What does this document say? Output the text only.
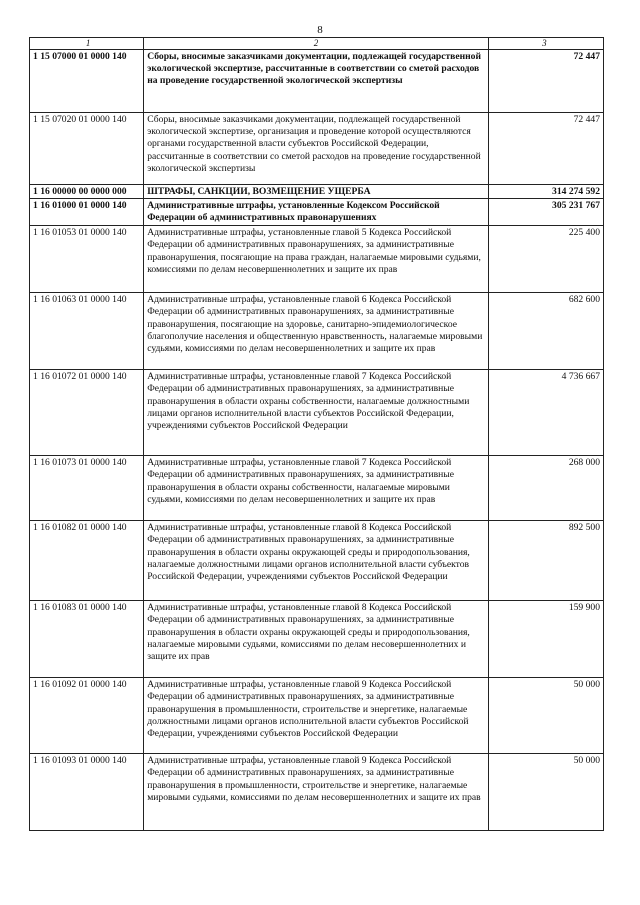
8
1	2	3
1 15 07000 01 0000 140	Сборы, вносимые заказчиками документации, подлежащей государственной экологической экспертизе, рассчитанные в соответствии со сметой расходов на проведение государственной экологической экспертизы	72 447
1 15 07020 01 0000 140	Сборы, вносимые заказчиками документации, подлежащей государственной экологической экспертизе, организация и проведение которой осуществляются органами государственной власти субъектов Российской Федерации, рассчитанные в соответствии со сметой расходов на проведение государственной экологической экспертизы	72 447
1 16 00000 00 0000 000	ШТРАФЫ, САНКЦИИ, ВОЗМЕЩЕНИЕ УЩЕРБА	314 274 592
1 16 01000 01 0000 140	Административные штрафы, установленные Кодексом Российской Федерации об административных правонарушениях	305 231 767
1 16 01053 01 0000 140	Административные штрафы, установленные главой 5 Кодекса Российской Федерации об административных правонарушениях, за административные правонарушения, посягающие на права граждан, налагаемые мировыми судьями, комиссиями по делам несовершеннолетних и защите их прав	225 400
1 16 01063 01 0000 140	Административные штрафы, установленные главой 6 Кодекса Российской Федерации об административных правонарушениях, за административные правонарушения, посягающие на здоровье, санитарно-эпидемиологическое благополучие населения и общественную нравственность, налагаемые мировыми судьями, комиссиями по делам несовершеннолетних и защите их прав	682 600
1 16 01072 01 0000 140	Административные штрафы, установленные главой 7 Кодекса Российской Федерации об административных правонарушениях, за административные правонарушения в области охраны собственности, налагаемые должностными лицами органов исполнительной власти субъектов Российской Федерации, учреждениями субъектов Российской Федерации	4 736 667
1 16 01073 01 0000 140	Административные штрафы, установленные главой 7 Кодекса Российской Федерации об административных правонарушениях, за административные правонарушения в области охраны собственности, налагаемые мировыми судьями, комиссиями по делам несовершеннолетних и защите их прав	268 000
1 16 01082 01 0000 140	Административные штрафы, установленные главой 8 Кодекса Российской Федерации об административных правонарушениях, за административные правонарушения в области охраны окружающей среды и природопользования, налагаемые должностными лицами органов исполнительной власти субъектов Российской Федерации, учреждениями субъектов Российской Федерации	892 500
1 16 01083 01 0000 140	Административные штрафы, установленные главой 8 Кодекса Российской Федерации об административных правонарушениях, за административные правонарушения в области охраны окружающей среды и природопользования, налагаемые мировыми судьями, комиссиями по делам несовершеннолетних и защите их прав	159 900
1 16 01092 01 0000 140	Административные штрафы, установленные главой 9 Кодекса Российской Федерации об административных правонарушениях, за административные правонарушения в промышленности, строительстве и энергетике, налагаемые должностными лицами органов исполнительной власти субъектов Российской Федерации, учреждениями субъектов Российской Федерации	50 000
1 16 01093 01 0000 140	Административные штрафы, установленные главой 9 Кодекса Российской Федерации об административных правонарушениях, за административные правонарушения в промышленности, строительстве и энергетике, налагаемые мировыми судьями, комиссиями по делам несовершеннолетних и защите их прав	50 000
